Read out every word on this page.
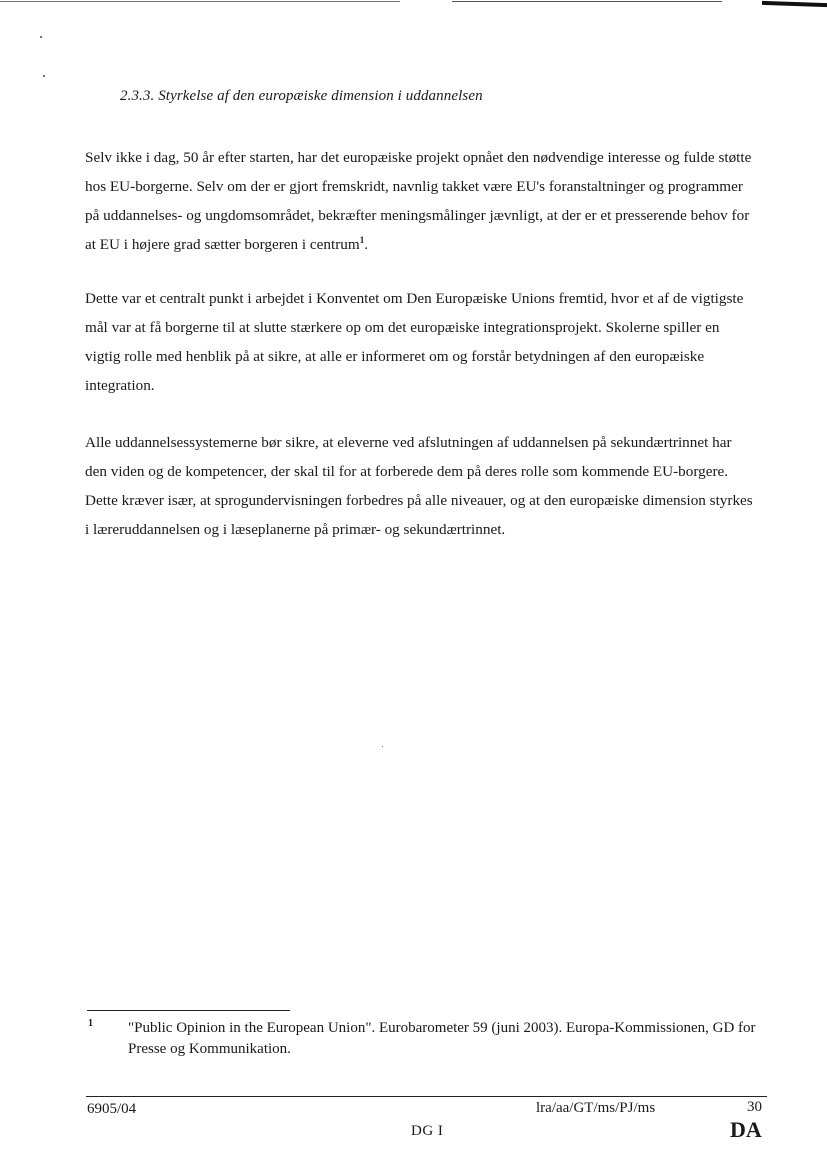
2.3.3. Styrkelse af den europæiske dimension i uddannelsen

Selv ikke i dag, 50 år efter starten, har det europæiske projekt opnået den nødvendige interesse og fulde støtte hos EU-borgerne. Selv om der er gjort fremskridt, navnlig takket være EU's foranstaltninger og programmer på uddannelses- og ungdomsområdet, bekræfter meningsmålinger jævnligt, at der er et presserende behov for at EU i højere grad sætter borgeren i centrum$^1$.

Dette var et centralt punkt i arbejdet i Konventet om Den Europæiske Unions fremtid, hvor et af de vigtigste mål var at få borgerne til at slutte stærkere op om det europæiske integrationsprojekt. Skolerne spiller en vigtig rolle med henblik på at sikre, at alle er informeret om og forstår betydningen af den europæiske integration.

Alle uddannelsessystemerne bør sikre, at eleverne ved afslutningen af uddannelsen på sekundærtrinnet har den viden og de kompetencer, der skal til for at forberede dem på deres rolle som kommende EU-borgere. Dette kræver især, at sprogundervisningen forbedres på alle niveauer, og at den europæiske dimension styrkes i læreruddannelsen og i læseplanerne på primær- og sekundærtrinnet.

1 "Public Opinion in the European Union". Eurobarometer 59 (juni 2003). Europa-Kommissionen, GD for Presse og Kommunikation.
6905/04	lra/aa/GT/ms/PJ/ms	30
DG I	DA
